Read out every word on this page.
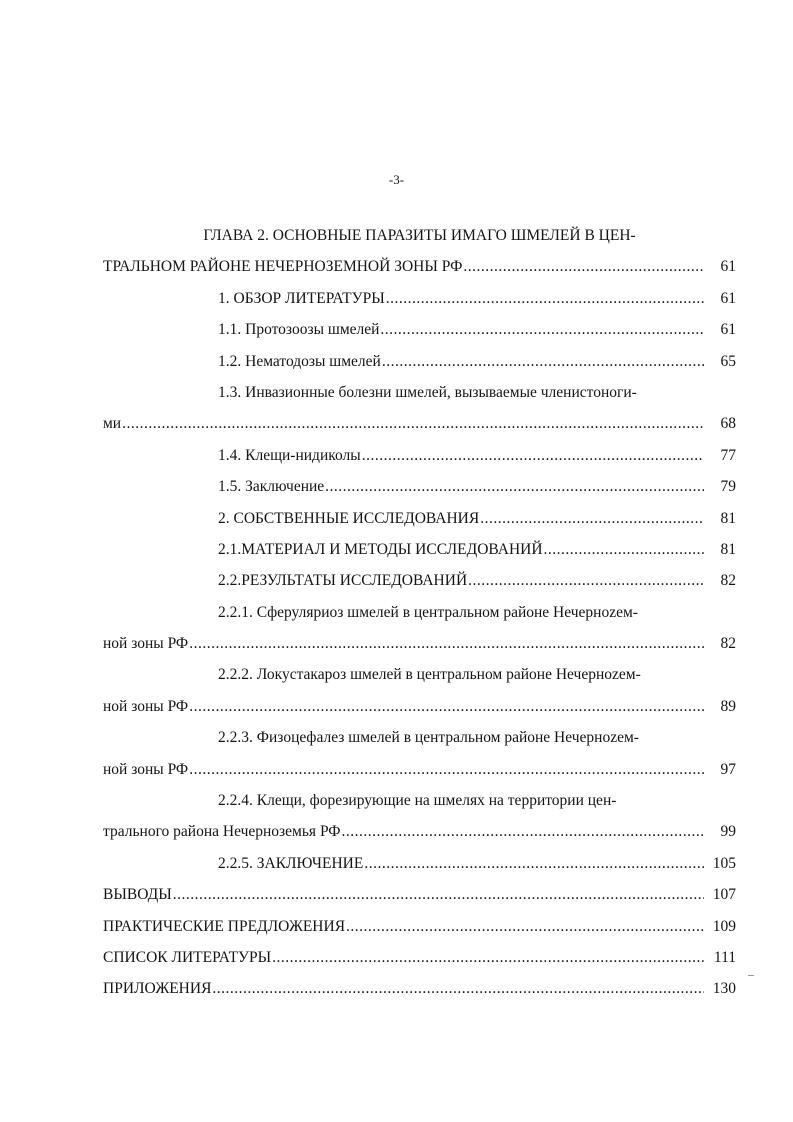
-3-
ГЛАВА 2. ОСНОВНЫЕ ПАРАЗИТЫ ИМАГО ШМЕЛЕЙ В ЦЕН-
ТРАЛЬНОМ РАЙОНЕ НЕЧЕРНОЗЕМНОЙ ЗОНЫ РФ .....	61
1. ОБЗОР ЛИТЕРАТУРЫ .....	61
1.1. Протозоозы шмелей .....	61
1.2. Нематодозы шмелей .....	65
1.3. Инвазионные болезни шмелей, вызываемые членистоноги-
ми .....	68
1.4. Клещи-нидиколы .....	77
1.5. Заключение .....	79
2. СОБСТВЕННЫЕ ИССЛЕДОВАНИЯ .....	81
2.1.МАТЕРИАЛ И МЕТОДЫ ИССЛЕДОВАНИЙ .....	81
2.2.РЕЗУЛЬТАТЫ ИССЛЕДОВАНИЙ .....	82
2.2.1. Сферуляриоз шмелей в центральном районе Нечерноzем-
ной зоны РФ .....	82
2.2.2. Локустакароз шмелей в центральном районе Нечерноzем-
ной зоны РФ .....	89
2.2.3. Физоцефалез шмелей в центральном районе Нечерноzем-
ной зоны РФ .....	97
2.2.4. Клещи, форезирующие на шмелях на территории цен-
трального района Нечерноземья РФ .....	99
2.2.5. ЗАКЛЮЧЕНИЕ .....	105
ВЫВОДЫ .....	107
ПРАКТИЧЕСКИЕ ПРЕДЛОЖЕНИЯ .....	109
СПИСОК ЛИТЕРАТУРЫ .....	111
ПРИЛОЖЕНИЯ .....	130
